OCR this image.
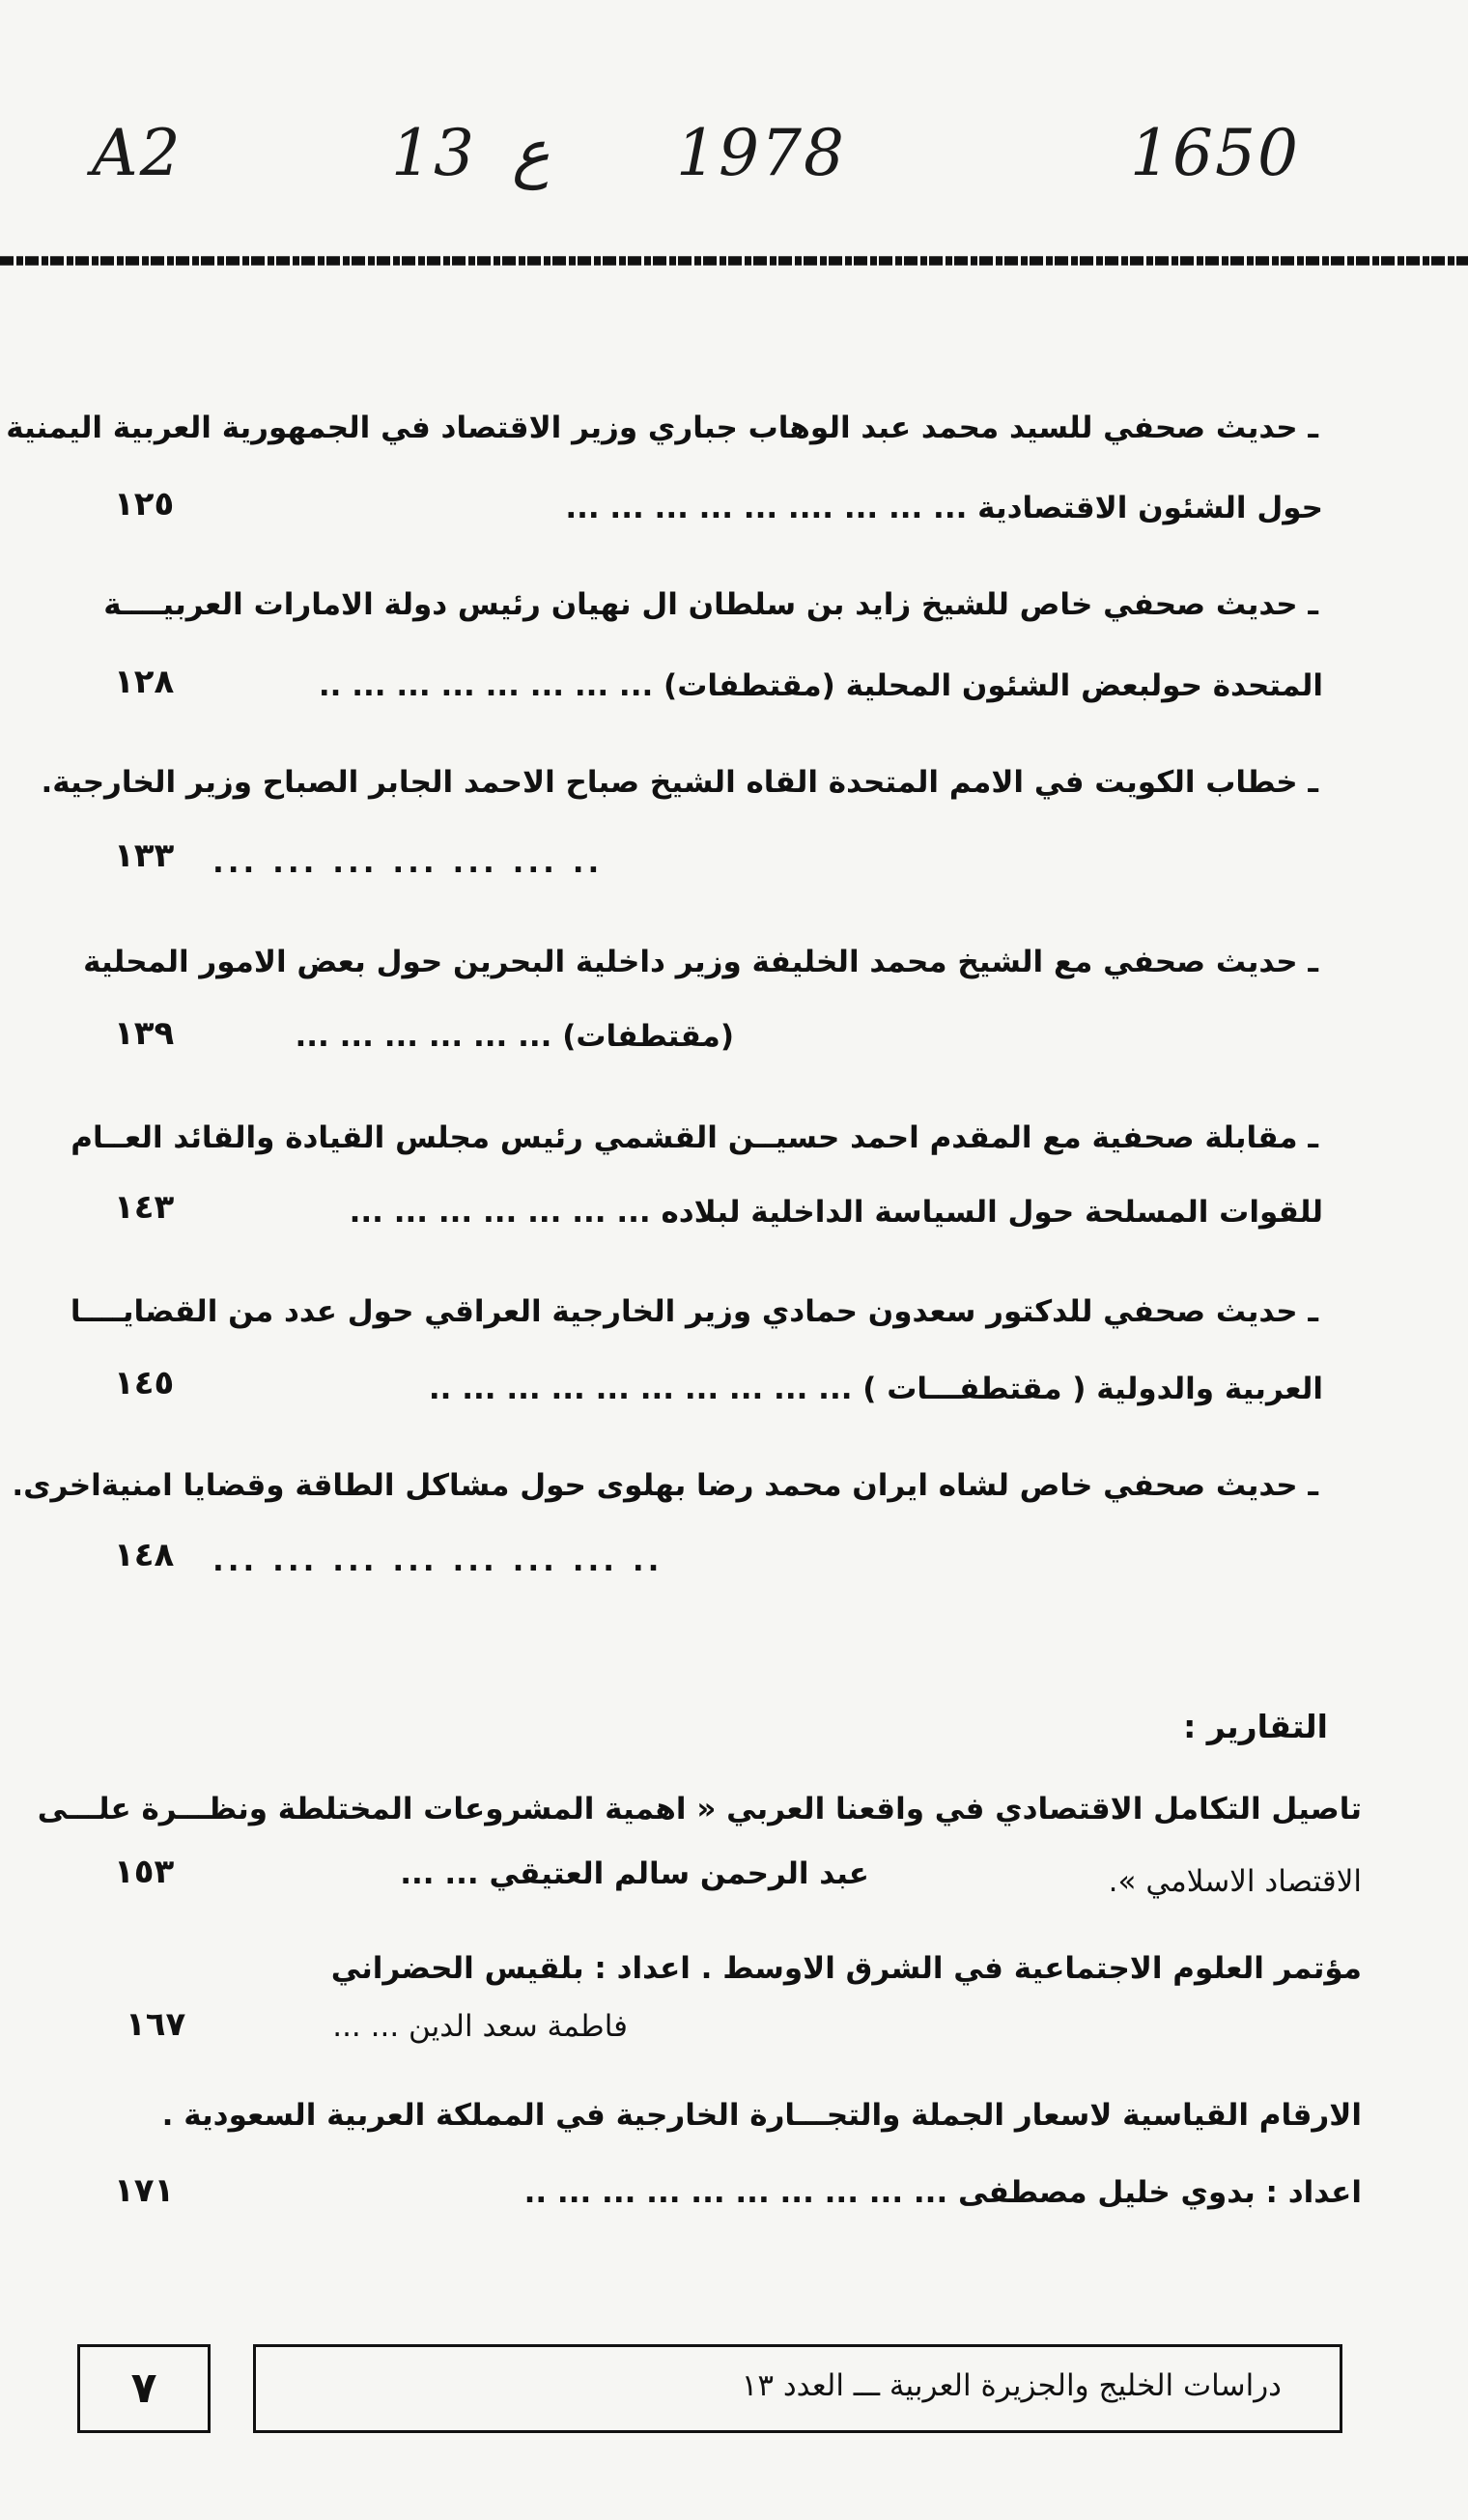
A2	13 ع 1978	1650
ـ حديث صحفي للسيد محمد عبد الوهاب جباري وزير الاقتصاد في الجمهورية العربية اليمنية
حول الشئون الاقتصادية ... ... ... .... ... ... ... ... ...
١٢٥
ـ حديث صحفي خاص للشيخ زايد بن سلطان ال نهيان رئيس دولة الامارات العربيــــة
المتحدة حولبعض الشئون المحلية (مقتطفات) ... ... ... ... ... ... ... ..
١٢٨
ـ خطاب الكويت في الامم المتحدة القاه الشيخ صباح الاحمد الجابر الصباح وزير الخارجية.
... ... ... ... ... ... ..
١٣٣
ـ حديث صحفي مع الشيخ محمد الخليفة وزير داخلية البحرين حول بعض الامور المحلية
(مقتطفات) ... ... ... ... ... ...
١٣٩
ـ مقابلة صحفية مع المقدم احمد حسيــن القشمي رئيس مجلس القيادة والقائد العــام
للقوات المسلحة حول السياسة الداخلية لبلاده ... ... ... ... ... ... ...
١٤٣
ـ حديث صحفي للدكتور سعدون حمادي وزير الخارجية العراقي حول عدد من القضايــــا
العربية والدولية ( مقتطفـــات ) ... ... ... ... ... ... ... ... ... ..
١٤٥
ـ حديث صحفي خاص لشاه ايران محمد رضا بهلوى حول مشاكل الطاقة وقضايا امنيةاخرى.
... ... ... ... ... ... ... ..
١٤٨
التقارير :
تاصيل التكامل الاقتصادي في واقعنا العربي « اهمية المشروعات المختلطة ونظـــرة علـــى
الاقتصاد الاسلامي ».
عبد الرحمن سالم العتيقي ... ...
١٥٣
مؤتمر العلوم الاجتماعية في الشرق الاوسط . اعداد : بلقيس الحضراني
فاطمة سعد الدين ... ...
١٦٧
الارقام القياسية لاسعار الجملة والتجـــارة الخارجية في المملكة العربية السعودية .
اعداد : بدوي خليل مصطفى ... ... ... ... ... ... ... ... ... ..
١٧١
٧	دراسات الخليج والجزيرة العربية ـــ العدد ١٣
